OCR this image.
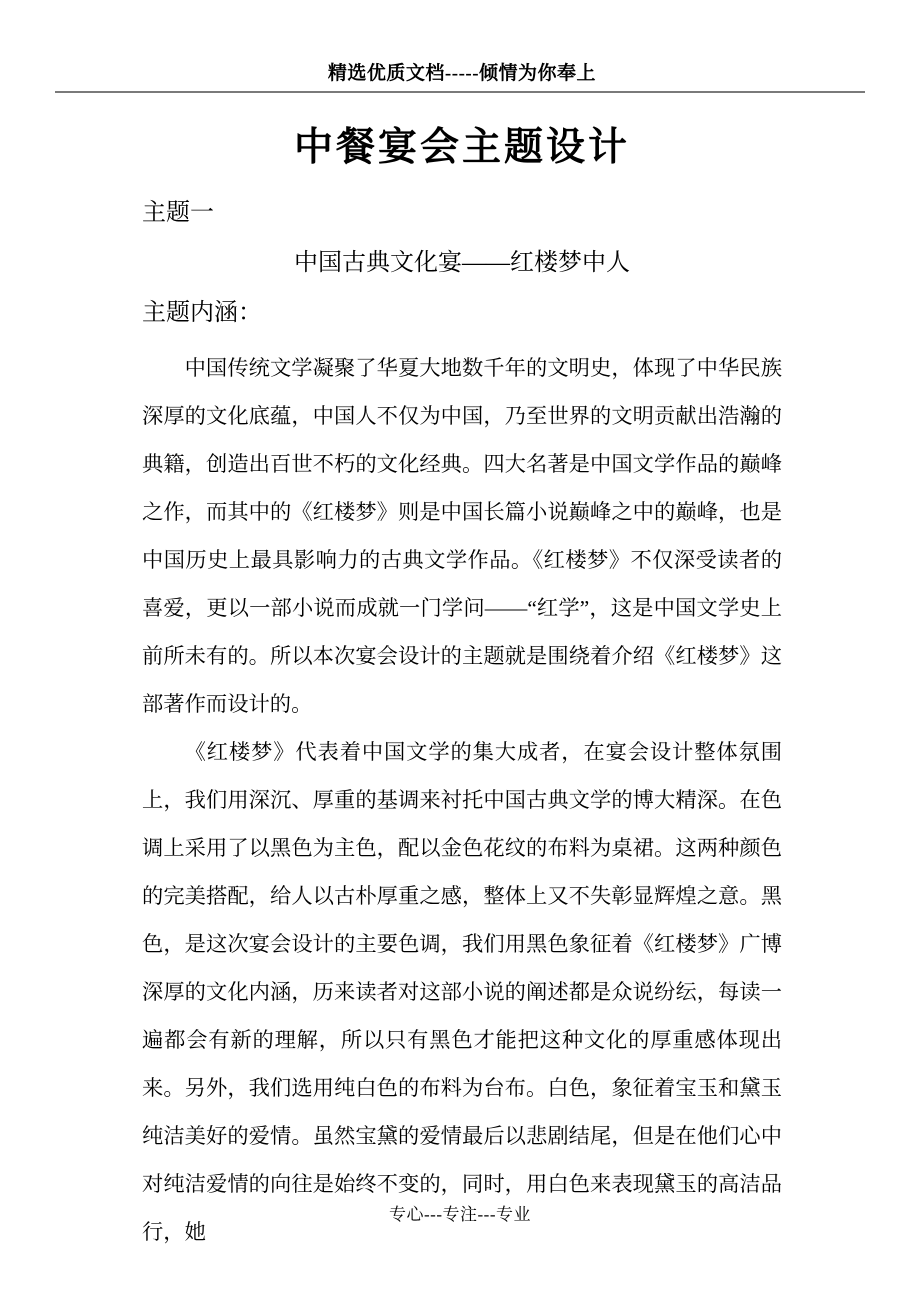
精选优质文档-----倾情为你奉上
中餐宴会主题设计
主题一
中国古典文化宴——红楼梦中人
主题内涵：

中国传统文学凝聚了华夏大地数千年的文明史，体现了中华民族深厚的文化底蕴，中国人不仅为中国，乃至世界的文明贡献出浩瀚的典籍，创造出百世不朽的文化经典。四大名著是中国文学作品的巅峰之作，而其中的《红楼梦》则是中国长篇小说巅峰之中的巅峰，也是中国历史上最具影响力的古典文学作品。《红楼梦》不仅深受读者的喜爱，更以一部小说而成就一门学问——“红学”，这是中国文学史上前所未有的。所以本次宴会设计的主题就是围绕着介绍《红楼梦》这部著作而设计的。

《红楼梦》代表着中国文学的集大成者，在宴会设计整体氛围上，我们用深沉、厚重的基调来衬托中国古典文学的博大精深。在色调上采用了以黑色为主色，配以金色花纹的布料为桌裙。这两种颜色的完美搭配，给人以古朴厚重之感，整体上又不失彰显辉煌之意。黑色，是这次宴会设计的主要色调，我们用黑色象征着《红楼梦》广博深厚的文化内涵，历来读者对这部小说的阐述都是众说纷纭，每读一遍都会有新的理解，所以只有黑色才能把这种文化的厚重感体现出来。另外，我们选用纯白色的布料为台布。白色，象征着宝玉和黛玉纯洁美好的爱情。虽然宝黛的爱情最后以悲剧结尾，但是在他们心中对纯洁爱情的向往是始终不变的，同时，用白色来表现黛玉的高洁品行，她

专心---专注---专业
